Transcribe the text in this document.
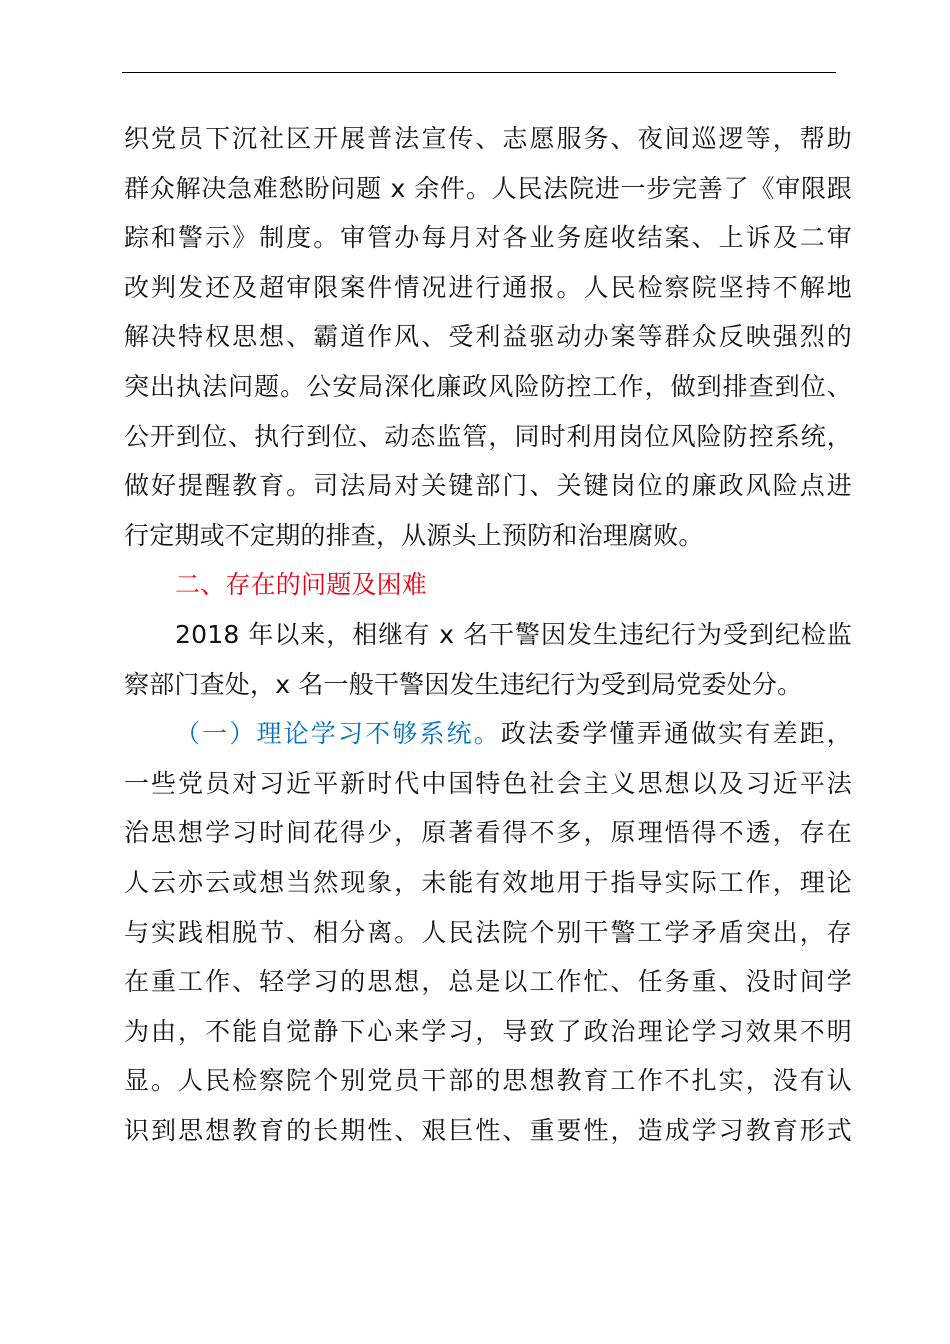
织党员下沉社区开展普法宣传、志愿服务、夜间巡逻等，帮助
群众解决急难愁盼问题 x 余件。人民法院进一步完善了《审限跟
踪和警示》制度。审管办每月对各业务庭收结案、上诉及二审
改判发还及超审限案件情况进行通报。人民检察院坚持不解地
解决特权思想、霸道作风、受利益驱动办案等群众反映强烈的
突出执法问题。公安局深化廉政风险防控工作，做到排查到位、
公开到位、执行到位、动态监管，同时利用岗位风险防控系统，
做好提醒教育。司法局对关键部门、关键岗位的廉政风险点进
行定期或不定期的排查，从源头上预防和治理腐败。
二、存在的问题及困难
2018 年以来，相继有 x 名干警因发生违纪行为受到纪检监
察部门查处，x 名一般干警因发生违纪行为受到局党委处分。
（一）理论学习不够系统。政法委学懂弄通做实有差距，
一些党员对习近平新时代中国特色社会主义思想以及习近平法
治思想学习时间花得少，原著看得不多，原理悟得不透，存在
人云亦云或想当然现象，未能有效地用于指导实际工作，理论
与实践相脱节、相分离。人民法院个别干警工学矛盾突出，存
在重工作、轻学习的思想，总是以工作忙、任务重、没时间学
为由，不能自觉静下心来学习，导致了政治理论学习效果不明
显。人民检察院个别党员干部的思想教育工作不扎实，没有认
识到思想教育的长期性、艰巨性、重要性，造成学习教育形式
